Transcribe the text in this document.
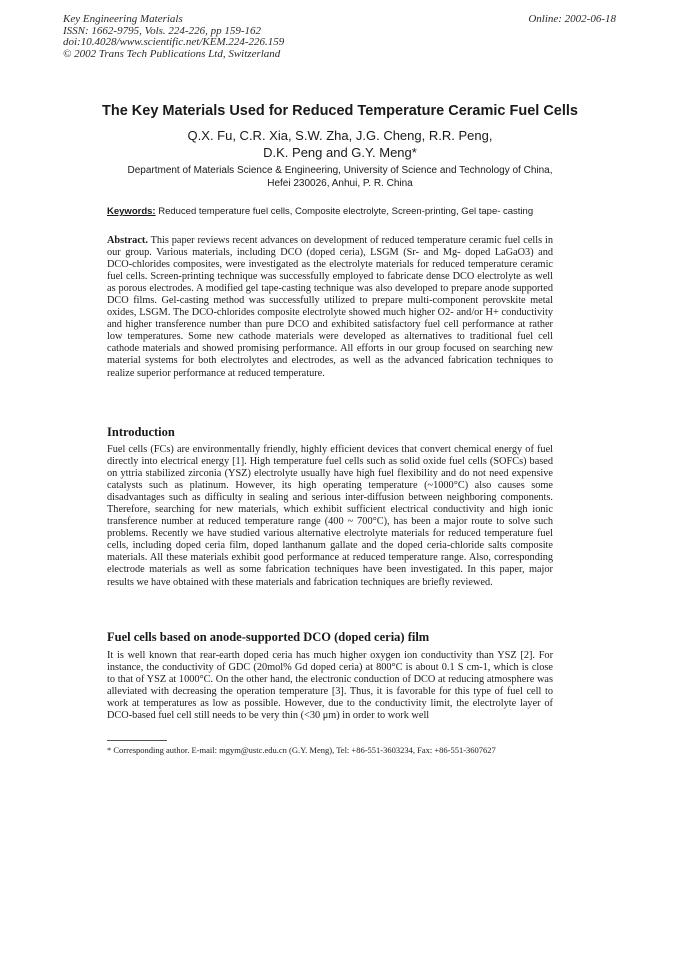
Key Engineering Materials
ISSN: 1662-9795, Vols. 224-226, pp 159-162
doi:10.4028/www.scientific.net/KEM.224-226.159
© 2002 Trans Tech Publications Ltd, Switzerland
Online: 2002-06-18
The Key Materials Used for Reduced Temperature Ceramic Fuel Cells
Q.X. Fu, C.R. Xia, S.W. Zha, J.G. Cheng, R.R. Peng,
D.K. Peng and G.Y. Meng*
Department of Materials Science & Engineering, University of Science and Technology of China,
Hefei 230026, Anhui, P. R. China
Keywords: Reduced temperature fuel cells, Composite electrolyte, Screen-printing, Gel tape- casting
Abstract. This paper reviews recent advances on development of reduced temperature ceramic fuel cells in our group. Various materials, including DCO (doped ceria), LSGM (Sr- and Mg- doped LaGaO3) and DCO-chlorides composites, were investigated as the electrolyte materials for reduced temperature ceramic fuel cells. Screen-printing technique was successfully employed to fabricate dense DCO electrolyte as well as porous electrodes. A modified gel tape-casting technique was also developed to prepare anode supported DCO films. Gel-casting method was successfully utilized to prepare multi-component perovskite metal oxides, LSGM. The DCO-chlorides composite electrolyte showed much higher O2- and/or H+ conductivity and higher transference number than pure DCO and exhibited satisfactory fuel cell performance at rather low temperatures. Some new cathode materials were developed as alternatives to traditional fuel cell cathode materials and showed promising performance. All efforts in our group focused on searching new material systems for both electrolytes and electrodes, as well as the advanced fabrication techniques to realize superior performance at reduced temperature.
Introduction
Fuel cells (FCs) are environmentally friendly, highly efficient devices that convert chemical energy of fuel directly into electrical energy [1]. High temperature fuel cells such as solid oxide fuel cells (SOFCs) based on yttria stabilized zirconia (YSZ) electrolyte usually have high fuel flexibility and do not need expensive catalysts such as platinum. However, its high operating temperature (~1000°C) also causes some disadvantages such as difficulty in sealing and serious inter-diffusion between neighboring components. Therefore, searching for new materials, which exhibit sufficient electrical conductivity and high ionic transference number at reduced temperature range (400 ~ 700°C), has been a major route to solve such problems. Recently we have studied various alternative electrolyte materials for reduced temperature fuel cells, including doped ceria film, doped lanthanum gallate and the doped ceria-chloride salts composite materials. All these materials exhibit good performance at reduced temperature range. Also, corresponding electrode materials as well as some fabrication techniques have been investigated. In this paper, major results we have obtained with these materials and fabrication techniques are briefly reviewed.
Fuel cells based on anode-supported DCO (doped ceria) film
It is well known that rear-earth doped ceria has much higher oxygen ion conductivity than YSZ [2]. For instance, the conductivity of GDC (20mol% Gd doped ceria) at 800°C is about 0.1 S cm-1, which is close to that of YSZ at 1000°C. On the other hand, the electronic conduction of DCO at reducing atmosphere was alleviated with decreasing the operation temperature [3]. Thus, it is favorable for this type of fuel cell to work at temperatures as low as possible. However, due to the conductivity limit, the electrolyte layer of DCO-based fuel cell still needs to be very thin (<30 μm) in order to work well
* Corresponding author. E-mail: mgym@ustc.edu.cn (G.Y. Meng), Tel: +86-551-3603234, Fax: +86-551-3607627
